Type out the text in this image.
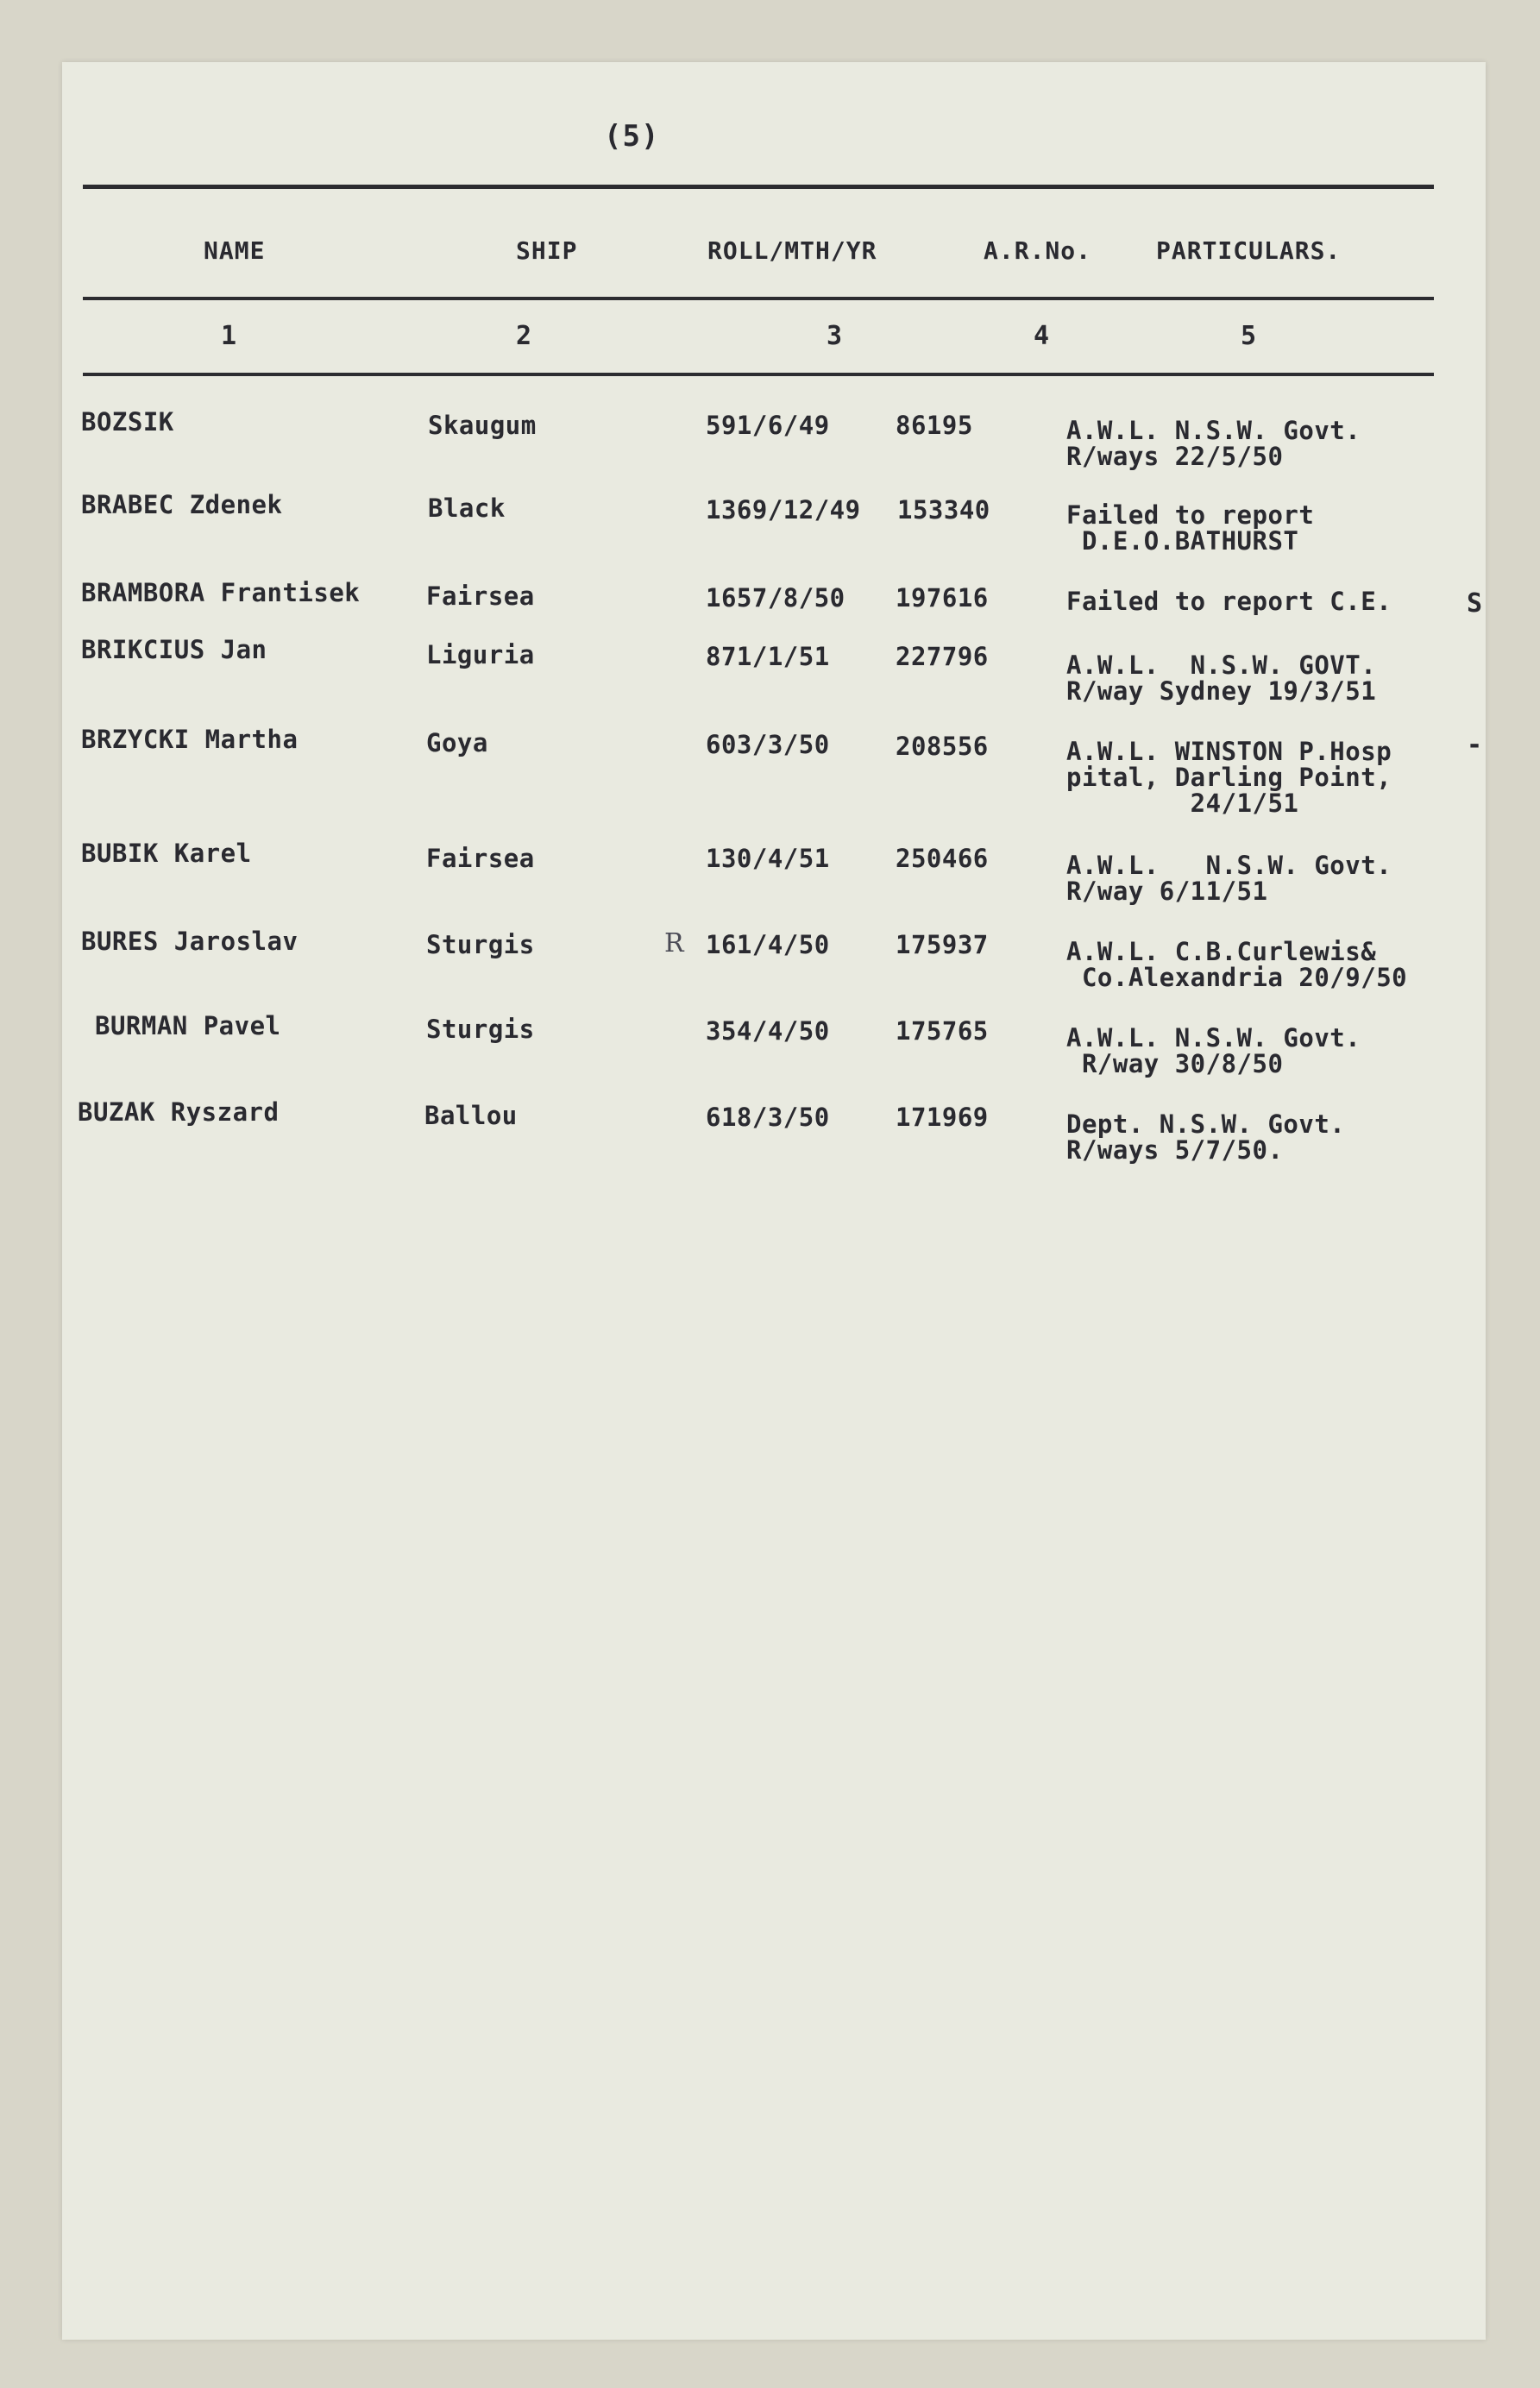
(5)
NAME	SHIP	ROLL/MTH/YR	A.R.No.	PARTICULARS.
1	2	3	4	5
BOZSIK	Skaugum	591/6/49	86195	A.W.L. N.S.W. Govt.
R/ways 22/5/50
BRABEC Zdenek	Black	1369/12/49 153340	Failed to report
D.E.O.BATHURST
BRAMBORA Frantisek	Fairsea	1657/8/50 197616	Failed to report C.E.
BRIKCIUS Jan	Liguria	871/1/51	227796	A.W.L.  N.S.W. GOVT.
R/way Sydney 19/3/51
BRZYCKI Martha	Goya	603/3/50	208556	A.W.L. WINSTON P.Hosp
pital, Darling Point,
24/1/51
BUBIK Karel	Fairsea	130/4/51	250466	A.W.L.   N.S.W. Govt.
R/way 6/11/51
BURES Jaroslav	Sturgis	R 161/4/50	175937	A.W.L. C.B.Curlewis&
Co.Alexandria 20/9/50
BURMAN Pavel	Sturgis	354/4/50	175765	A.W.L. N.S.W. Govt.
R/way 30/8/50
BUZAK Ryszard	Ballou	618/3/50	171969	Dept. N.S.W. Govt.
R/ways 5/7/50.
S
-
